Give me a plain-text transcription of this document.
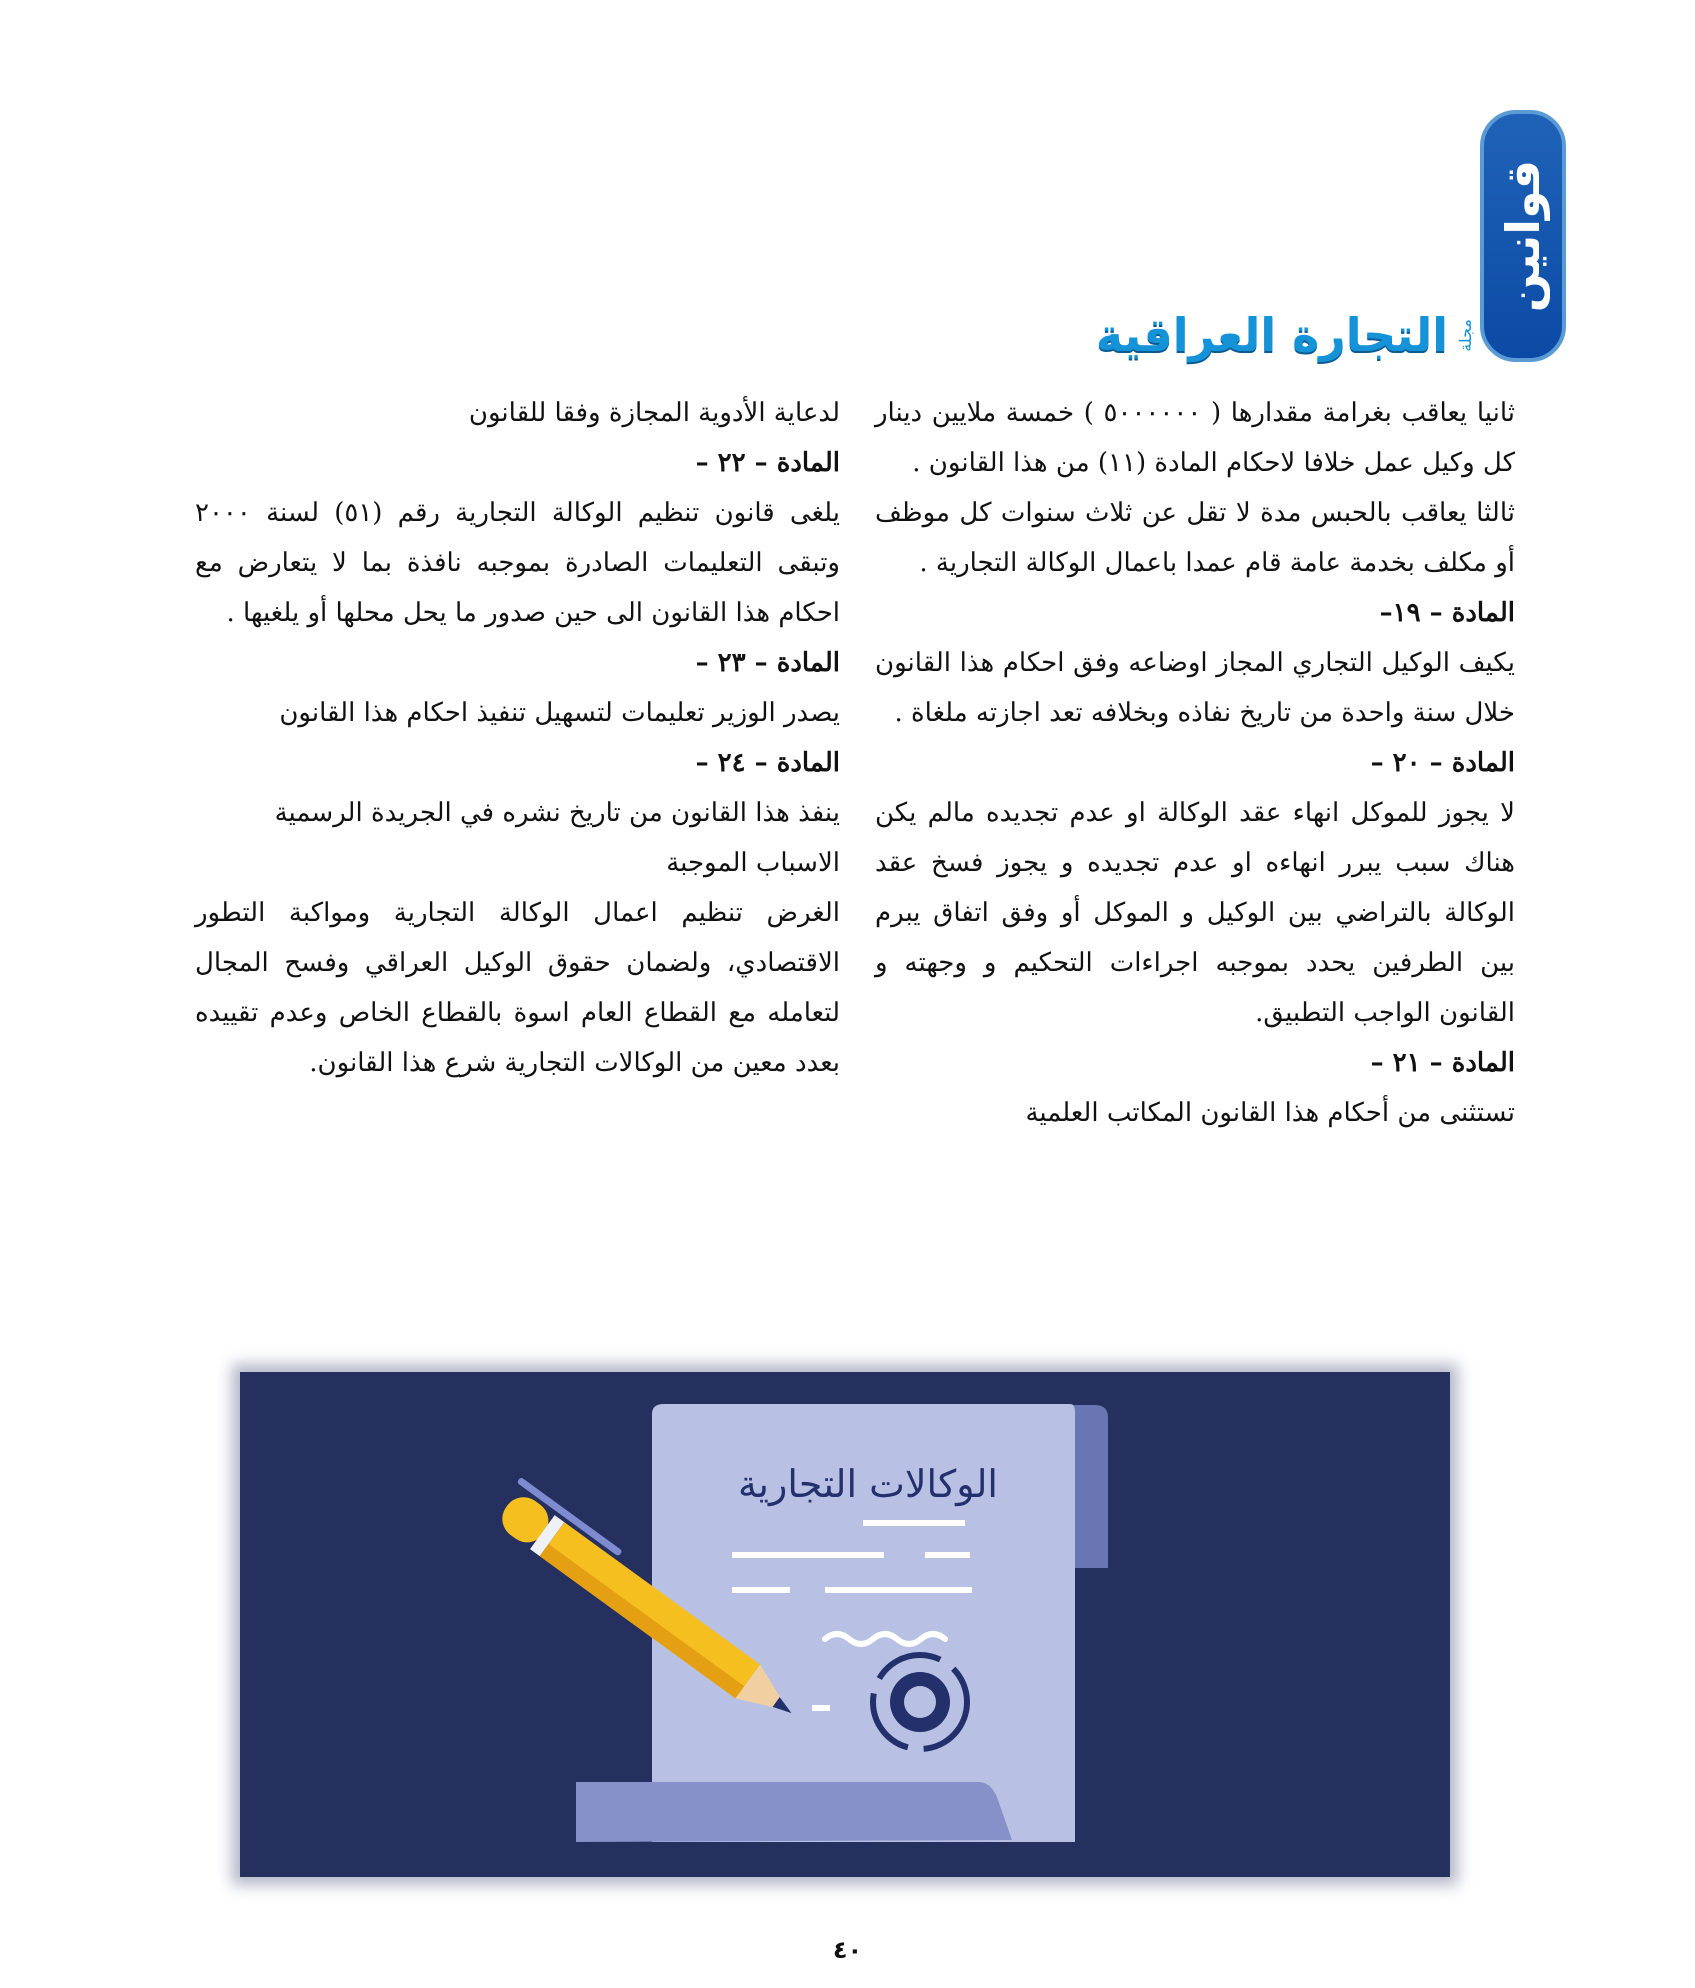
قوانين
التجارة العراقية مجلة

ثانيا يعاقب بغرامة مقدارها ( ٥٠٠٠٠٠٠ ) خمسة ملايين دينار كل وكيل عمل خلافا لاحكام المادة (١١) من هذا القانون .

ثالثا يعاقب بالحبس مدة لا تقل عن ثلاث سنوات كل موظف أو مكلف بخدمة عامة قام عمدا باعمال الوكالة التجارية .

المادة – ١٩–

يكيف الوكيل التجاري المجاز اوضاعه وفق احكام هذا القانون خلال سنة واحدة من تاريخ نفاذه وبخلافه تعد اجازته ملغاة .

المادة – ٢٠ –

لا يجوز للموكل انهاء عقد الوكالة او عدم تجديده مالم يكن هناك سبب يبرر انهاءه او عدم تجديده و يجوز فسخ عقد الوكالة بالتراضي بين الوكيل و الموكل أو وفق اتفاق يبرم بين الطرفين يحدد بموجبه اجراءات التحكيم و وجهته و القانون الواجب التطبيق.

المادة – ٢١ –

تستثنى من أحكام هذا القانون المكاتب العلمية

لدعاية الأدوية المجازة وفقا للقانون

المادة – ٢٢ –

يلغى قانون تنظيم الوكالة التجارية رقم (٥١) لسنة ٢٠٠٠ وتبقى التعليمات الصادرة بموجبه نافذة بما لا يتعارض مع احكام هذا القانون الى حين صدور ما يحل محلها أو يلغيها .

المادة – ٢٣ –

يصدر الوزير تعليمات لتسهيل تنفيذ احكام هذا القانون

المادة – ٢٤ –

ينفذ هذا القانون من تاريخ نشره في الجريدة الرسمية

الاسباب الموجبة

الغرض تنظيم اعمال الوكالة التجارية ومواكبة التطور الاقتصادي، ولضمان حقوق الوكيل العراقي وفسح المجال لتعامله مع القطاع العام اسوة بالقطاع الخاص وعدم تقييده بعدد معين من الوكالات التجارية شرع هذا القانون.

الوكالات التجارية
٤٠
